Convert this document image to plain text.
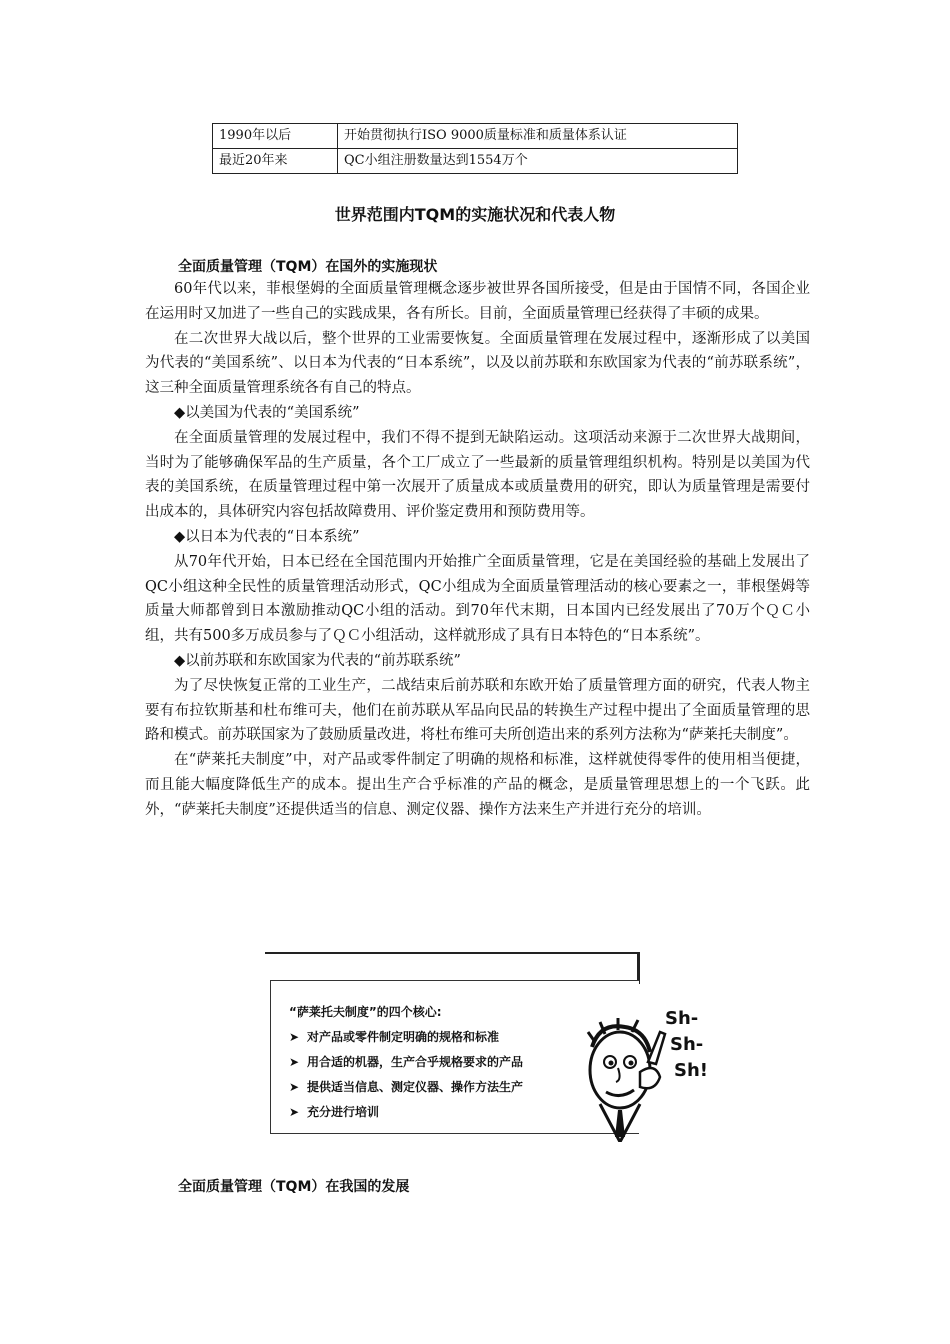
1990年以后	开始贯彻执行ISO 9000质量标准和质量体系认证
最近20年来	QC小组注册数量达到1554万个
世界范围内TQM的实施状况和代表人物
全面质量管理（TQM）在国外的实施现状

60年代以来，菲根堡姆的全面质量管理概念逐步被世界各国所接受，但是由于国情不同，各国企业在运用时又加进了一些自己的实践成果，各有所长。目前，全面质量管理已经获得了丰硕的成果。

在二次世界大战以后，整个世界的工业需要恢复。全面质量管理在发展过程中，逐渐形成了以美国为代表的“美国系统”、以日本为代表的“日本系统”，以及以前苏联和东欧国家为代表的“前苏联系统”，这三种全面质量管理系统各有自己的特点。

◆以美国为代表的“美国系统”

在全面质量管理的发展过程中，我们不得不提到无缺陷运动。这项活动来源于二次世界大战期间，当时为了能够确保军品的生产质量，各个工厂成立了一些最新的质量管理组织机构。特别是以美国为代表的美国系统，在质量管理过程中第一次展开了质量成本或质量费用的研究，即认为质量管理是需要付出成本的，具体研究内容包括故障费用、评价鉴定费用和预防费用等。

◆以日本为代表的“日本系统”

从70年代开始，日本已经在全国范围内开始推广全面质量管理，它是在美国经验的基础上发展出了QC小组这种全民性的质量管理活动形式，QC小组成为全面质量管理活动的核心要素之一，菲根堡姆等质量大师都曾到日本激励推动QC小组的活动。到70年代末期，日本国内已经发展出了70万个ＱＣ小组，共有500多万成员参与了ＱＣ小组活动，这样就形成了具有日本特色的“日本系统”。

◆以前苏联和东欧国家为代表的“前苏联系统”

为了尽快恢复正常的工业生产，二战结束后前苏联和东欧开始了质量管理方面的研究，代表人物主要有布拉钦斯基和杜布维可夫，他们在前苏联从军品向民品的转换生产过程中提出了全面质量管理的思路和模式。前苏联国家为了鼓励质量改进，将杜布维可夫所创造出来的系列方法称为“萨莱托夫制度”。

在“萨莱托夫制度”中，对产品或零件制定了明确的规格和标准，这样就使得零件的使用相当便捷，而且能大幅度降低生产的成本。提出生产合乎标准的产品的概念，是质量管理思想上的一个飞跃。此外，“萨莱托夫制度”还提供适当的信息、测定仪器、操作方法来生产并进行充分的培训。

“萨莱托夫制度”的四个核心:
➤ 对产品或零件制定明确的规格和标准
➤ 用合适的机器，生产合乎规格要求的产品
➤ 提供适当信息、测定仪器、操作方法生产
➤ 充分进行培训
Sh-
Sh-
Sh!
全面质量管理（TQM）在我国的发展
